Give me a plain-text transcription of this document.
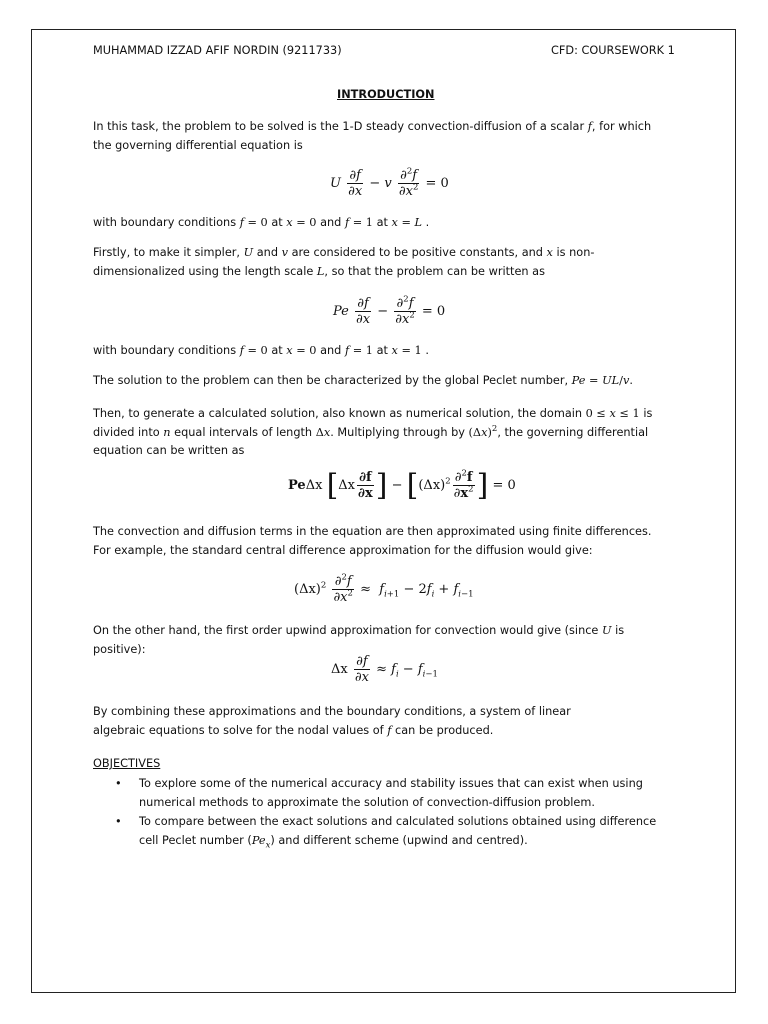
MUHAMMAD IZZAD AFIF NORDIN (9211733)	CFD: COURSEWORK 1
INTRODUCTION
In this task, the problem to be solved is the 1-D steady convection-diffusion of a scalar f, for which
the governing differential equation is
U $\frac{\partial f}{\partial x} - v \frac{\partial^2f}{\partial x^2} = 0$
with boundary conditions f = 0 at x = 0 and f = 1 at x = L .
Firstly, to make it simpler, U and v are considered to be positive constants, and x is non-
dimensionalized using the length scale L, so that the problem can be written as
Pe $\frac{\partial f}{\partial x} - \frac{\partial^2f}{\partial x^2} = 0$
with boundary conditions f = 0 at x = 0 and f = 1 at x = 1 .
The solution to the problem can then be characterized by the global Peclet number, Pe = UL/v.
Then, to generate a calculated solution, also known as numerical solution, the domain 0 ≤ x ≤ 1 is
divided into n equal intervals of length Δx. Multiplying through by $(\Delta x)^2$, the governing differential
equation can be written as
PeΔx [$\Delta x \frac{\partial f}{\partial x}$ ] − [$(\Delta x)^2 \frac{\partial^2f}{\partial x^2}$ ] = 0
The convection and diffusion terms in the equation are then approximated using finite differences.
For example, the standard central difference approximation for the diffusion would give:
$(\Delta x)^2 \frac{\partial^2f}{\partial x^2} \approx f_{i+1} - 2f_i + f_{i-1}$
On the other hand, the first order upwind approximation for convection would give (since U is
positive):
Δx $\frac{\partial f}{\partial x} \approx f_i - f_{i-1}$
By combining these approximations and the boundary conditions, a system of linear
algebraic equations to solve for the nodal values of f can be produced.
OBJECTIVES
• To explore some of the numerical accuracy and stability issues that can exist when using numerical methods to approximate the solution of convection-diffusion problem.
• To compare between the exact solutions and calculated solutions obtained using difference cell Peclet number $(Pe_x)$ and different scheme (upwind and centred).
